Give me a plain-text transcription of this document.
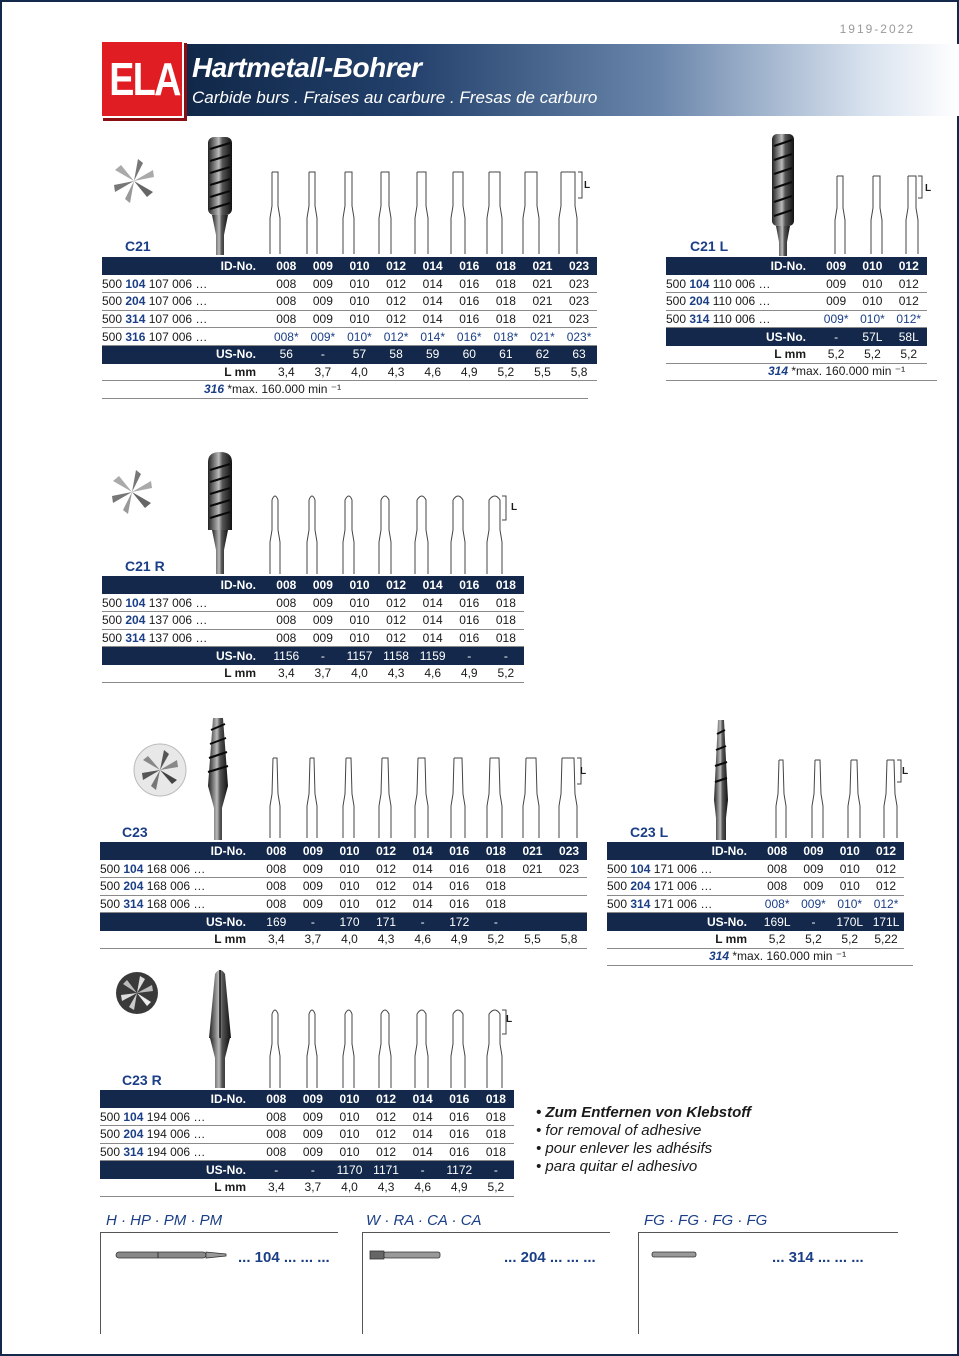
1919-2022
Hartmetall-Bohrer
Carbide burs . Fraises au carbure . Fresas de carburo
ELA
C21
L
ID-No.	008	009	010	012	014	016	018	021	023
500 104 107 006 …	008	009	010	012	014	016	018	021	023
500 204 107 006 …	008	009	010	012	014	016	018	021	023
500 314 107 006 …	008	009	010	012	014	016	018	021	023
500 316 107 006 …	008*	009*	010*	012*	014*	016*	018*	021*	023*
US-No.	56	-	57	58	59	60	61	62	63
L mm	3,4	3,7	4,0	4,3	4,6	4,9	5,2	5,5	5,8
316 *max. 160.000 min ⁻¹
C21 L
L
ID-No.	009	010	012
500 104 110 006 …	009	010	012
500 204 110 006 …	009	010	012
500 314 110 006 …	009*	010*	012*
US-No.	-	57L	58L
L mm	5,2	5,2	5,2
314 *max. 160.000 min ⁻¹
C21 R
L
ID-No.	008	009	010	012	014	016	018
500 104 137 006 …	008	009	010	012	014	016	018
500 204 137 006 …	008	009	010	012	014	016	018
500 314 137 006 …	008	009	010	012	014	016	018
US-No.	1156	-	1157	1158	1159	-	-
L mm	3,4	3,7	4,0	4,3	4,6	4,9	5,2
C23
L
ID-No.	008	009	010	012	014	016	018	021	023
500 104 168 006 …	008	009	010	012	014	016	018	021	023
500 204 168 006 …	008	009	010	012	014	016	018		
500 314 168 006 …	008	009	010	012	014	016	018		
US-No.	169	-	170	171	-	172	-		
L mm	3,4	3,7	4,0	4,3	4,6	4,9	5,2	5,5	5,8
C23 L
L
ID-No.	008	009	010	012
500 104 171 006 …	008	009	010	012
500 204 171 006 …	008	009	010	012
500 314 171 006 …	008*	009*	010*	012*
US-No.	169L	-	170L	171L
L mm	5,2	5,2	5,2	5,22
314 *max. 160.000 min ⁻¹
C23 R
L
ID-No.	008	009	010	012	014	016	018
500 104 194 006 …	008	009	010	012	014	016	018
500 204 194 006 …	008	009	010	012	014	016	018
500 314 194 006 …	008	009	010	012	014	016	018
US-No.	-	-	1170	1171	-	1172	-
L mm	3,4	3,7	4,0	4,3	4,6	4,9	5,2
• Zum Entfernen von Klebstoff
• for removal of adhesive
• pour enlever les adhésifs
• para quitar el adhesivo
H · HP · PM · PM
... 104 ... ... ...
W · RA · CA · CA
... 204 ... ... ...
FG · FG · FG · FG
... 314 ... ... ...
